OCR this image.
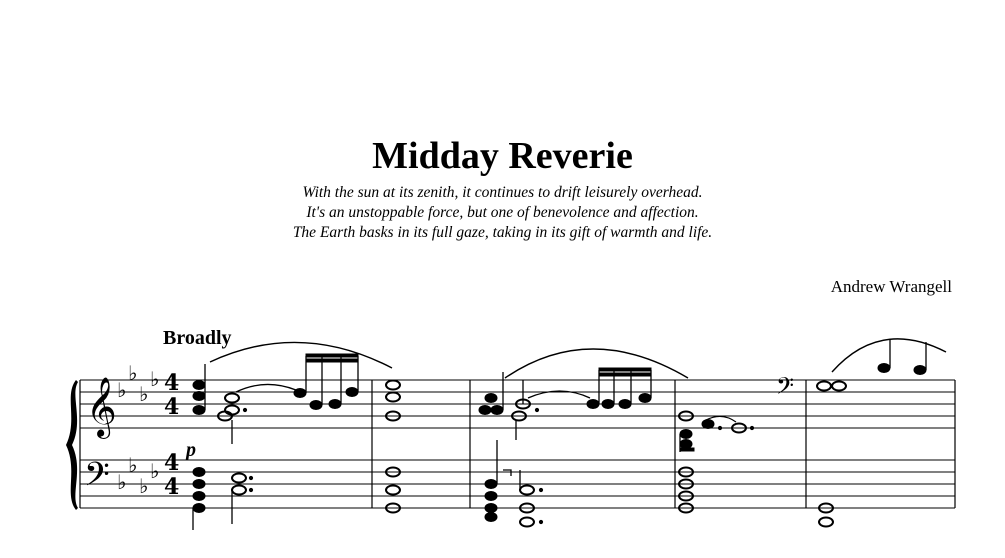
Midday Reverie
With the sun at its zenith, it continues to drift leisurely overhead.
It's an unstoppable force, but one of benevolence and affection.
The Earth basks in its full gaze, taking in its gift of warmth and life.
Andrew Wrangell
Broadly
p
𝄞
𝄢
𝄢
♭
♭
♭
♭
♭
♭
♭
♭
4
4
4
4
